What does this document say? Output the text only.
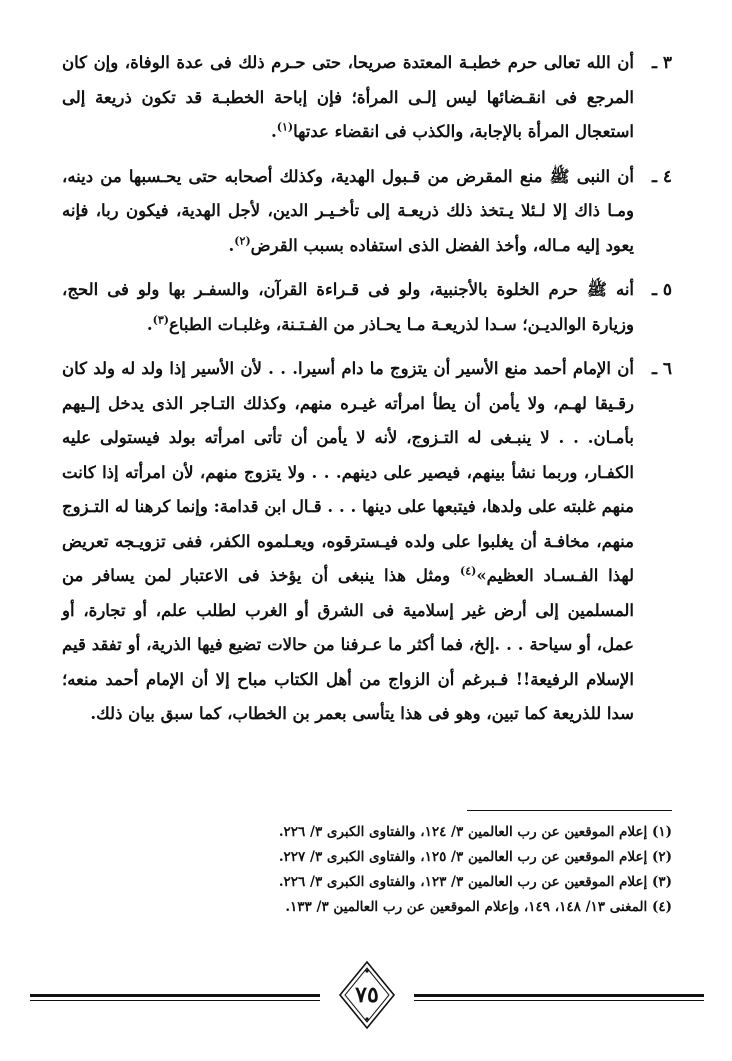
٣ ـ

أن الله تعالى حرم خطبـة المعتدة صريحا، حتى حـرم ذلك فى عدة الوفاة، وإن كان المرجع فى انقـضائها ليس إلـى المرأة؛ فإن إباحة الخطبـة قد تكون ذريعة إلى استعجال المرأة بالإجابة، والكذب فى انقضاء عدتها$^{(١)}$.

٤ ـ

أن النبى ﷺ منع المقرض من قـبول الهدية، وكذلك أصحابه حتى يحـسبها من دينه، ومـا ذاك إلا لـئلا يـتخذ ذلك ذريعـة إلى تأخـيـر الدين، لأجل الهدية، فيكون ربا، فإنه يعود إليه مـاله، وأخذ الفضل الذى استفاده بسبب القرض$^{(٢)}$.

٥ ـ

أنه ﷺ حرم الخلوة بالأجنبية، ولو فى قـراءة القرآن، والسفـر بها ولو فى الحج، وزيارة الوالديـن؛ سـدا لذريعـة مـا يحـاذر من الفـتـنة، وغلبـات الطباع$^{(٣)}$.

٦ ـ

أن الإمام أحمد منع الأسير أن يتزوج ما دام أسيرا. . . لأن الأسير إذا ولد له ولد كان رقـيقا لهـم، ولا يأمن أن يطأ امرأته غيـره منهم، وكذلك التـاجر الذى يدخل إلـيهم بأمـان. . . لا ينبـغى له التـزوج، لأنه لا يأمن أن تأتى امرأته بولد فيستولى عليه الكفـار، وربما نشأ بينهم، فيصير على دينهم. . . ولا يتزوج منهم، لأن امرأته إذا كانت منهم غلبته على ولدها، فيتبعها على دينها . . . قـال ابن قدامة: وإنما كرهنا له التـزوج منهم، مخافـة أن يغلبوا على ولده فيـسترقوه، ويعـلموه الكفر، ففى تزويـجه تعريض لهذا الفـسـاد العظيم»$^{(٤)}$ ومثل هذا ينبغى أن يؤخذ فى الاعتبار لمن يسافر من المسلمين إلى أرض غير إسلامية فى الشرق أو الغرب لطلب علم، أو تجارة، أو عمل، أو سياحة . . .إلخ، فما أكثر ما عـرفنا من حالات تضيع فيها الذرية، أو تفقد قيم الإسلام الرفيعة!! فـبرغم أن الزواج من أهل الكتاب مباح إلا أن الإمام أحمد منعه؛ سدا للذريعة كما تبين، وهو فى هذا يتأسى بعمر بن الخطاب، كما سبق بيان ذلك.

(١) إعلام الموقعين عن رب العالمين ٣/ ١٢٤، والفتاوى الكبرى ٣/ ٢٢٦.
(٢) إعلام الموقعين عن رب العالمين ٣/ ١٢٥، والفتاوى الكبرى ٣/ ٢٢٧.
(٣) إعلام الموقعين عن رب العالمين ٣/ ١٢٣، والفتاوى الكبرى ٣/ ٢٢٦.
(٤) المغنى ١٣/ ١٤٨، ١٤٩، وإعلام الموقعين عن رب العالمين ٣/ ١٣٣.
٧٥
